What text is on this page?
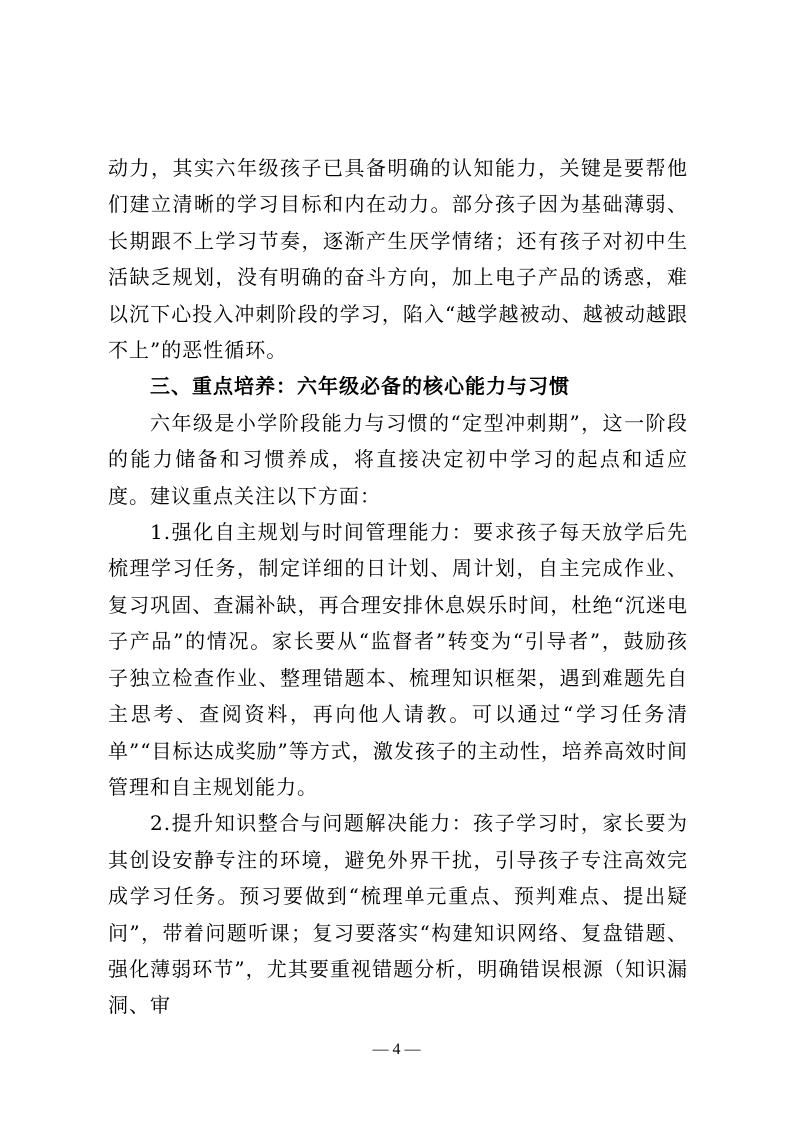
动力，其实六年级孩子已具备明确的认知能力，关键是要帮他们建立清晰的学习目标和内在动力。部分孩子因为基础薄弱、长期跟不上学习节奏，逐渐产生厌学情绪；还有孩子对初中生活缺乏规划，没有明确的奋斗方向，加上电子产品的诱惑，难以沉下心投入冲刺阶段的学习，陷入“越学越被动、越被动越跟不上”的恶性循环。

三、重点培养：六年级必备的核心能力与习惯

六年级是小学阶段能力与习惯的“定型冲刺期”，这一阶段的能力储备和习惯养成，将直接决定初中学习的起点和适应度。建议重点关注以下方面：

1.强化自主规划与时间管理能力：要求孩子每天放学后先梳理学习任务，制定详细的日计划、周计划，自主完成作业、复习巩固、查漏补缺，再合理安排休息娱乐时间，杜绝“沉迷电子产品”的情况。家长要从“监督者”转变为“引导者”，鼓励孩子独立检查作业、整理错题本、梳理知识框架，遇到难题先自主思考、查阅资料，再向他人请教。可以通过“学习任务清单”“目标达成奖励”等方式，激发孩子的主动性，培养高效时间管理和自主规划能力。

2.提升知识整合与问题解决能力：孩子学习时，家长要为其创设安静专注的环境，避免外界干扰，引导孩子专注高效完成学习任务。预习要做到“梳理单元重点、预判难点、提出疑问”，带着问题听课；复习要落实“构建知识网络、复盘错题、强化薄弱环节”，尤其要重视错题分析，明确错误根源（知识漏洞、审

— 4 —
